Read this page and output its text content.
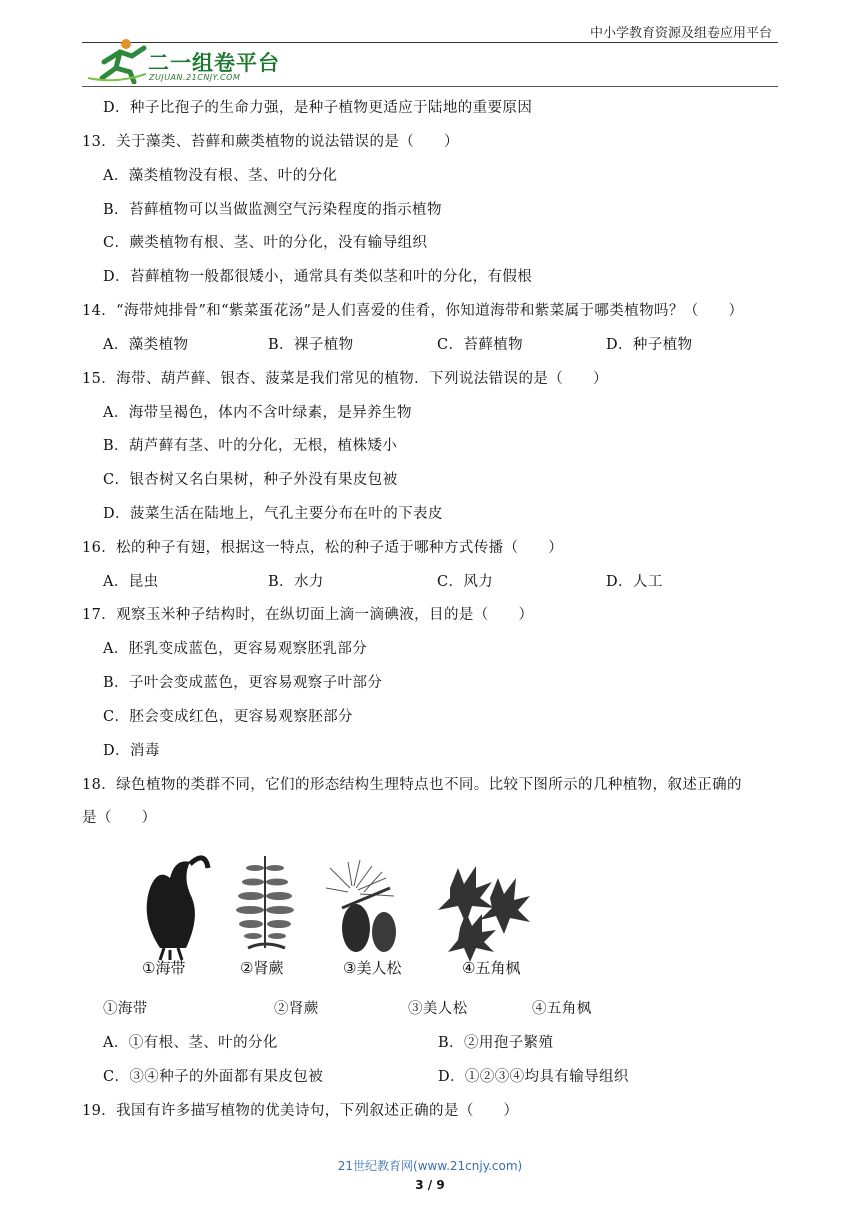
中小学教育资源及组卷应用平台
二一组卷平台
ZUJUAN.21CNJY.COM
D．种子比孢子的生命力强，是种子植物更适应于陆地的重要原因
13．关于藻类、苔藓和蕨类植物的说法错误的是（　　）
A．藻类植物没有根、茎、叶的分化
B．苔藓植物可以当做监测空气污染程度的指示植物
C．蕨类植物有根、茎、叶的分化，没有输导组织
D．苔藓植物一般都很矮小，通常具有类似茎和叶的分化，有假根
14．“海带炖排骨”和“紫菜蛋花汤”是人们喜爱的佳肴，你知道海带和紫菜属于哪类植物吗？（　　）
A．藻类植物	B．裸子植物	C．苔藓植物	D．种子植物
15．海带、葫芦藓、银杏、菠菜是我们常见的植物．下列说法错误的是（　　）
A．海带呈褐色，体内不含叶绿素，是异养生物
B．葫芦藓有茎、叶的分化，无根，植株矮小
C．银杏树又名白果树，种子外没有果皮包被
D．菠菜生活在陆地上，气孔主要分布在叶的下表皮
16．松的种子有翅，根据这一特点，松的种子适于哪种方式传播（　　）
A．昆虫	B．水力	C．风力	D．人工
17．观察玉米种子结构时，在纵切面上滴一滴碘液，目的是（　　）
A．胚乳变成蓝色，更容易观察胚乳部分
B．子叶会变成蓝色，更容易观察子叶部分
C．胚会变成红色，更容易观察胚部分
D．消毒
18．绿色植物的类群不同，它们的形态结构生理特点也不同。比较下图所示的几种植物，叙述正确的
是（　　）
①海带	②肾蕨	③美人松	④五角枫
①海带	②肾蕨	③美人松	④五角枫
A．①有根、茎、叶的分化	B．②用孢子繁殖
C．③④种子的外面都有果皮包被	D．①②③④均具有输导组织
19．我国有许多描写植物的优美诗句，下列叙述正确的是（　　）
21世纪教育网(www.21cnjy.com)
3 / 9
